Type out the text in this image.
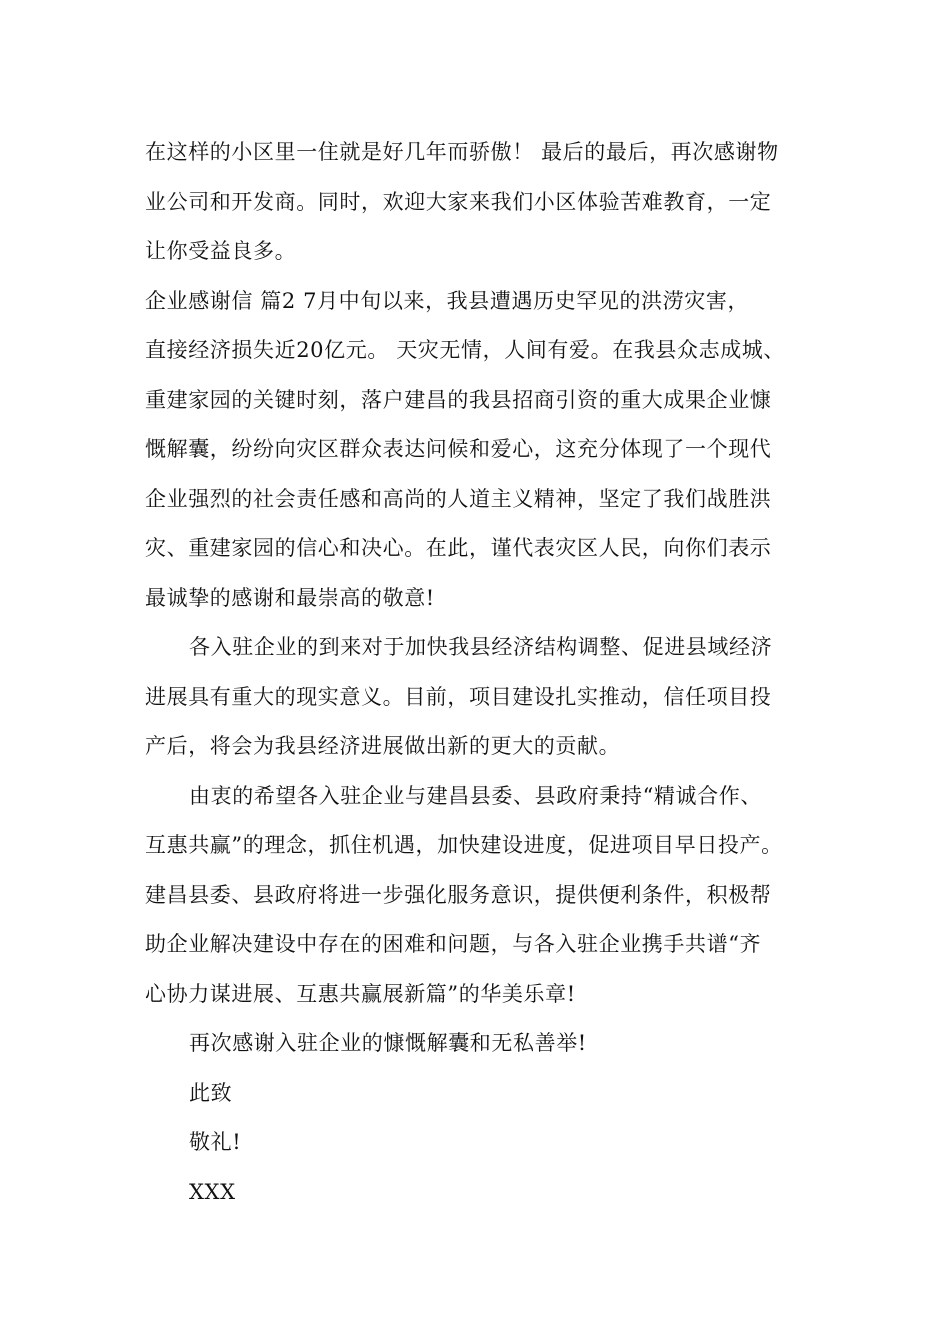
在这样的小区里一住就是好几年而骄傲！ 最后的最后，再次感谢物
业公司和开发商。同时，欢迎大家来我们小区体验苦难教育，一定
让你受益良多。
企业感谢信 篇2 7月中旬以来，我县遭遇历史罕见的洪涝灾害，
直接经济损失近20亿元。 天灾无情，人间有爱。在我县众志成城、
重建家园的关键时刻，落户建昌的我县招商引资的重大成果企业慷
慨解囊，纷纷向灾区群众表达问候和爱心，这充分体现了一个现代
企业强烈的社会责任感和高尚的人道主义精神，坚定了我们战胜洪
灾、重建家园的信心和决心。在此，谨代表灾区人民，向你们表示
最诚挚的感谢和最崇高的敬意!
各入驻企业的到来对于加快我县经济结构调整、促进县域经济
进展具有重大的现实意义。目前，项目建设扎实推动，信任项目投
产后，将会为我县经济进展做出新的更大的贡献。
由衷的希望各入驻企业与建昌县委、县政府秉持“精诚合作、
互惠共赢”的理念，抓住机遇，加快建设进度，促进项目早日投产。
建昌县委、县政府将进一步强化服务意识，提供便利条件，积极帮
助企业解决建设中存在的困难和问题，与各入驻企业携手共谱“齐
心协力谋进展、互惠共赢展新篇”的华美乐章!
再次感谢入驻企业的慷慨解囊和无私善举!
此致
敬礼!
XXX
